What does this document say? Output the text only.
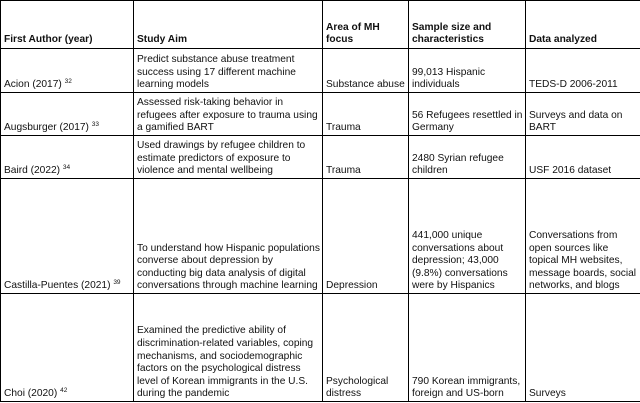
First Author (year)	Study Aim	Area of MH focus	Sample size and characteristics	Data analyzed
Acion (2017) $^{32}$	Predict substance abuse treatment success using 17 different machine learning models	Substance abuse	99,013 Hispanic individuals	TEDS-D 2006-2011
Augsburger (2017) $^{33}$	Assessed risk-taking behavior in refugees after exposure to trauma using a gamified BART	Trauma	56 Refugees resettled in Germany	Surveys and data on BART
Baird (2022) $^{34}$	Used drawings by refugee children to estimate predictors of exposure to violence and mental wellbeing	Trauma	2480 Syrian refugee children	USF 2016 dataset
Castilla-Puentes (2021) $^{39}$	To understand how Hispanic populations converse about depression by conducting big data analysis of digital conversations through machine learning	Depression	441,000 unique conversations about depression; 43,000 (9.8%) conversations were by Hispanics	Conversations from open sources like topical MH websites, message boards, social networks, and blogs
Choi (2020) $^{42}$	Examined the predictive ability of discrimination-related variables, coping mechanisms, and sociodemographic factors on the psychological distress level of Korean immigrants in the U.S. during the pandemic	Psychological distress	790 Korean immigrants, foreign and US-born	Surveys
